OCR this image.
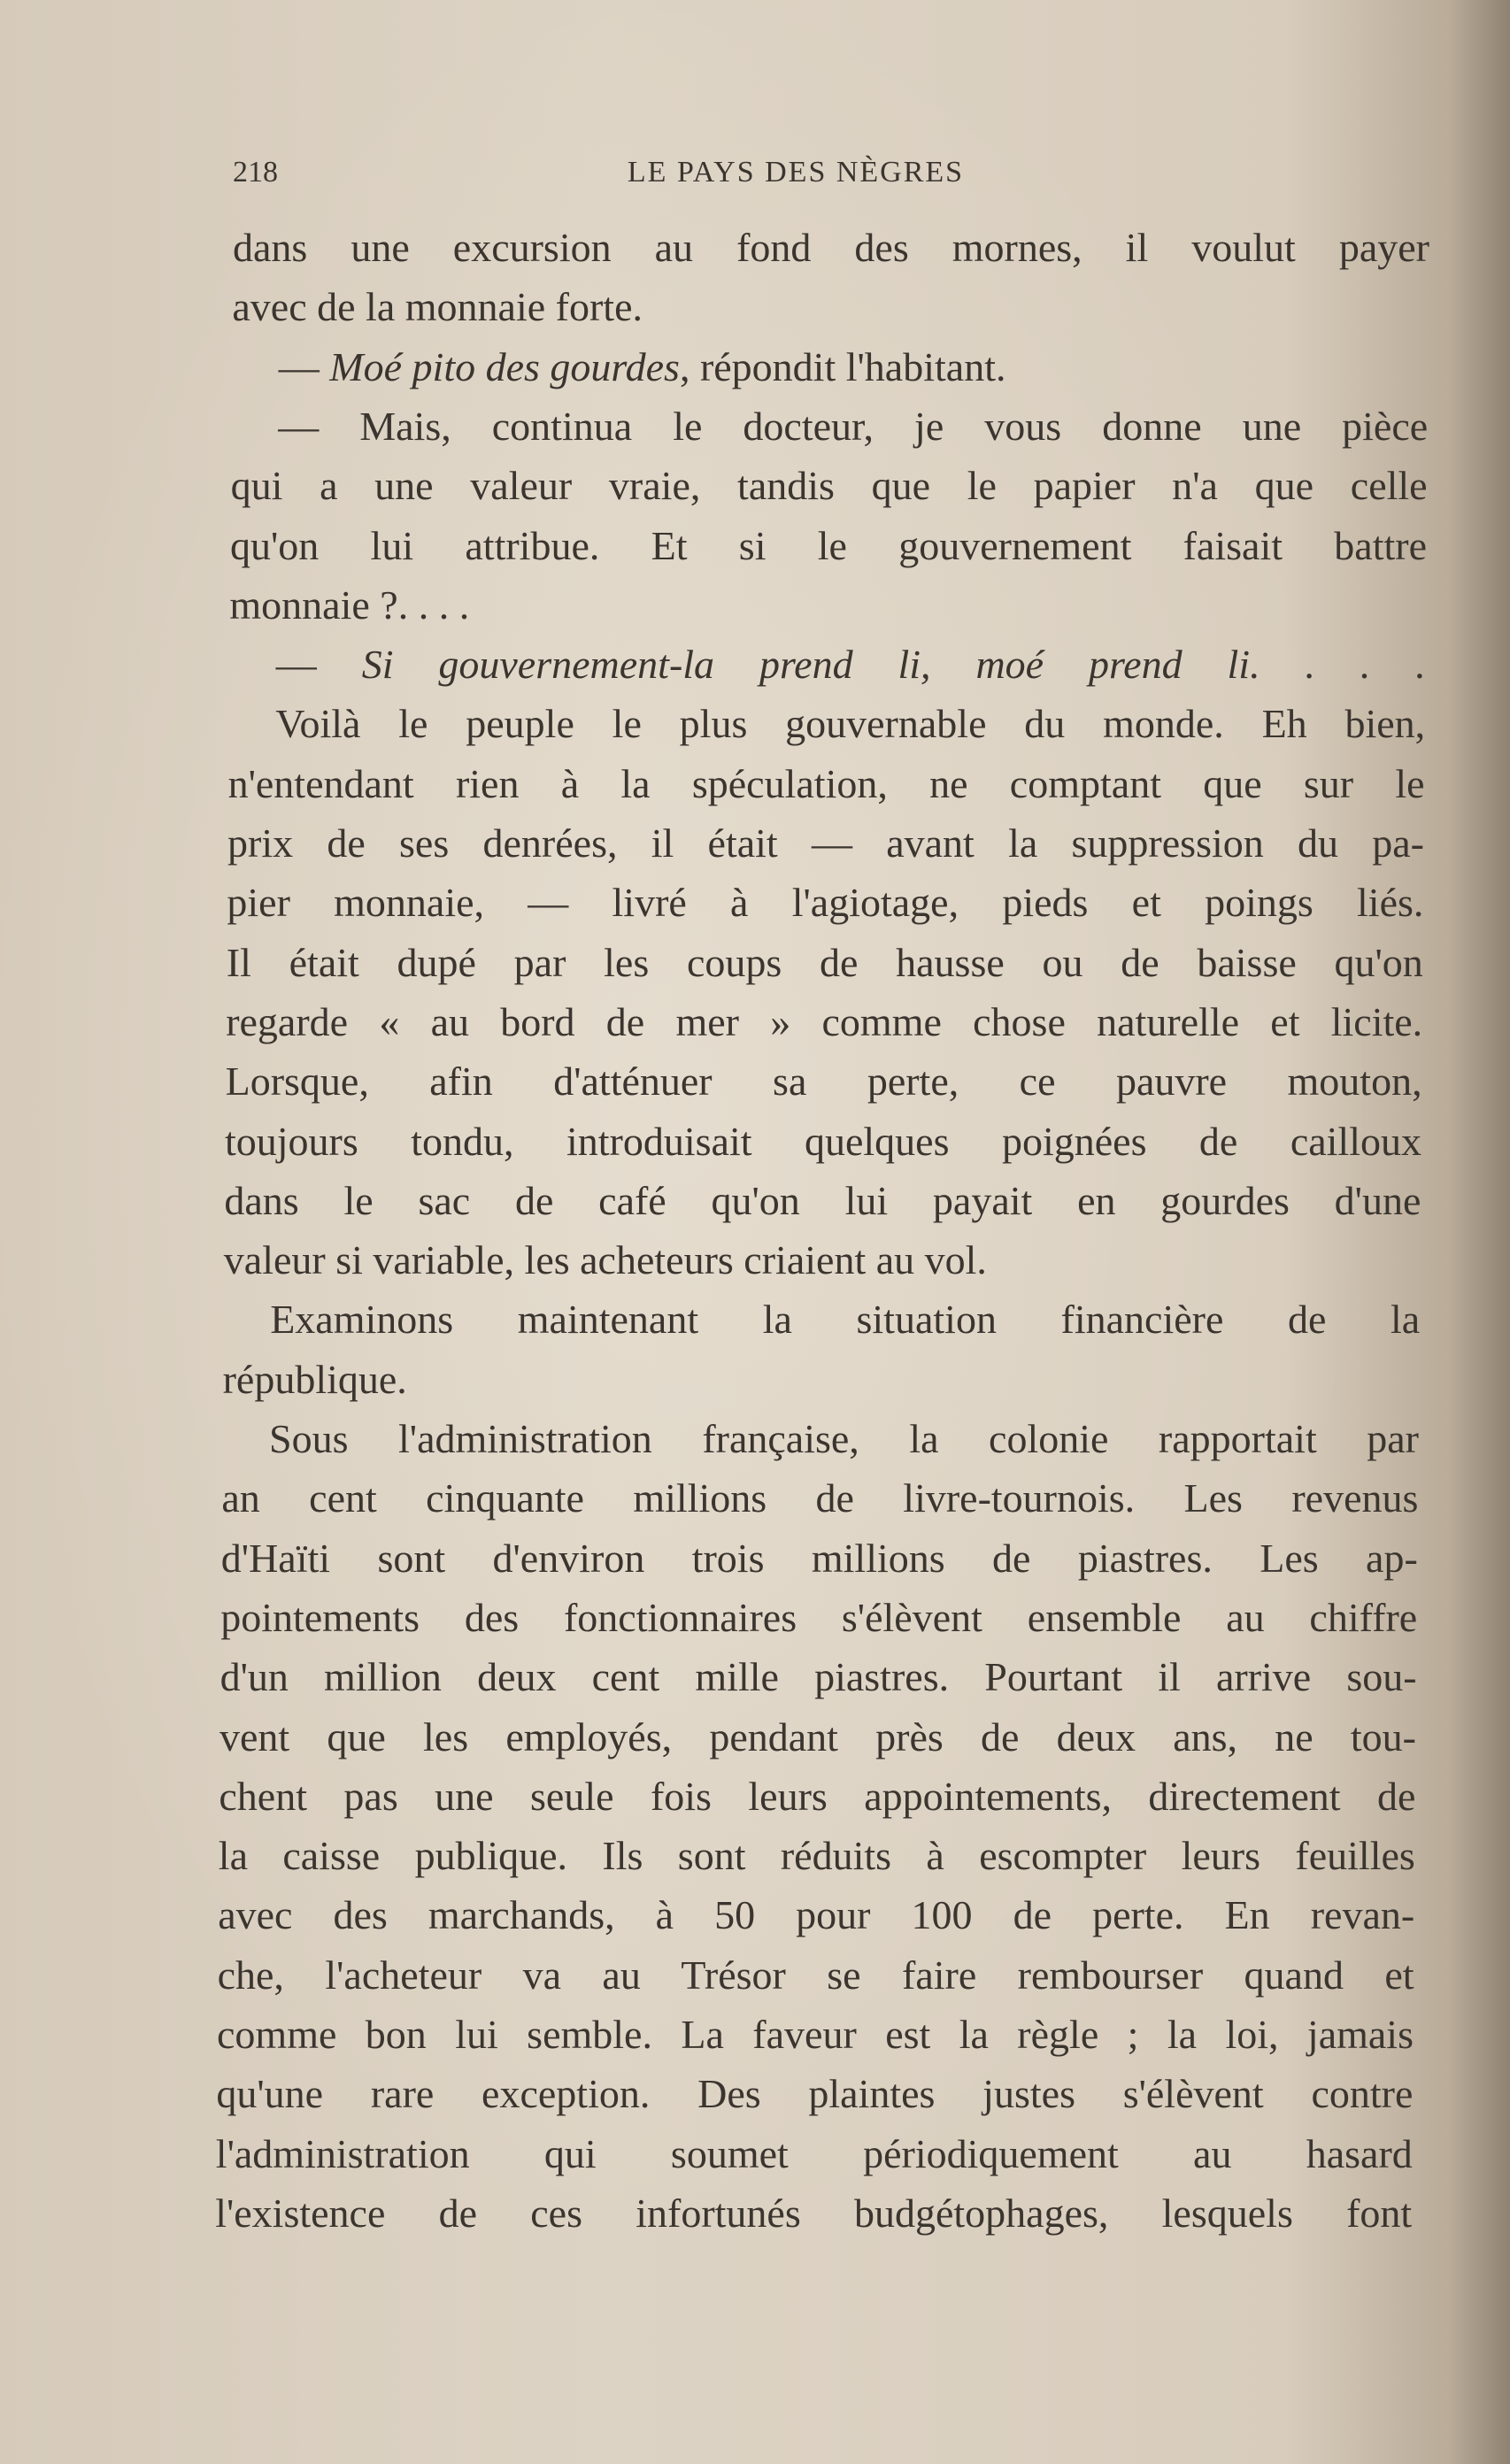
218	LE PAYS DES NÈGRES
dans une excursion au fond des mornes, il voulut payer
avec de la monnaie forte.
— Moé pito des gourdes, répondit l'habitant.
— Mais, continua le docteur, je vous donne une pièce
qui a une valeur vraie, tandis que le papier n'a que celle
qu'on lui attribue. Et si le gouvernement faisait battre
monnaie ?. . . .
— Si gouvernement-la prend li, moé prend li. . . .
Voilà le peuple le plus gouvernable du monde. Eh bien,
n'entendant rien à la spéculation, ne comptant que sur le
prix de ses denrées, il était — avant la suppression du pa-
pier monnaie, — livré à l'agiotage, pieds et poings liés.
Il était dupé par les coups de hausse ou de baisse qu'on
regarde « au bord de mer » comme chose naturelle et licite.
Lorsque, afin d'atténuer sa perte, ce pauvre mouton,
toujours tondu, introduisait quelques poignées de cailloux
dans le sac de café qu'on lui payait en gourdes d'une
valeur si variable, les acheteurs criaient au vol.
Examinons maintenant la situation financière de la
république.
Sous l'administration française, la colonie rapportait par
an cent cinquante millions de livre-tournois. Les revenus
d'Haïti sont d'environ trois millions de piastres. Les ap-
pointements des fonctionnaires s'élèvent ensemble au chiffre
d'un million deux cent mille piastres. Pourtant il arrive sou-
vent que les employés, pendant près de deux ans, ne tou-
chent pas une seule fois leurs appointements, directement de
la caisse publique. Ils sont réduits à escompter leurs feuilles
avec des marchands, à 50 pour 100 de perte. En revan-
che, l'acheteur va au Trésor se faire rembourser quand et
comme bon lui semble. La faveur est la règle ; la loi, jamais
qu'une rare exception. Des plaintes justes s'élèvent contre
l'administration qui soumet périodiquement au hasard
l'existence de ces infortunés budgétophages, lesquels font
